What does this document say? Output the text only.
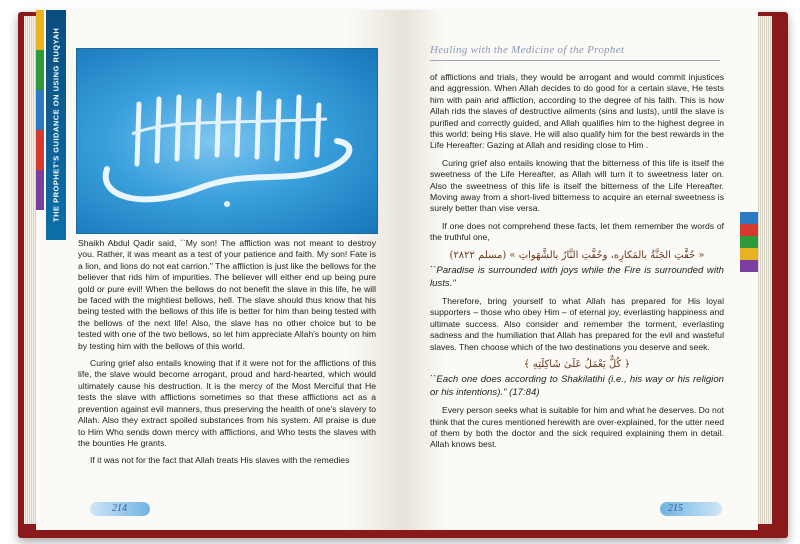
THE PROPHET'S GUIDANCE ON USING RUQYAH

Shaikh Abdul Qadir said, ``My son! The affliction was not meant to destroy you. Rather, it was meant as a test of your patience and faith. My son! Fate is a lion, and lions do not eat carrion." The affliction is just like the bellows for the believer that rids him of impurities. The believer will either end up being pure gold or pure evil! When the bellows do not benefit the slave in this life, he will be faced with the mightiest bellows, hell. The slave should thus know that his being tested with the bellows of this life is better for him than being tested with the bellows of the next life! Also, the slave has no other choice but to be tested with one of the two bellows, so let him appreciate Allah's bounty on him by testing him with the bellows of this world.

Curing grief also entails knowing that if it were not for the afflictions of this life, the slave would become arrogant, proud and hard-hearted, which would ultimately cause his destruction. It is the mercy of the Most Merciful that He tests the slave with afflictions sometimes so that these afflictions act as a prevention against evil manners, thus preserving the health of one's slavery to Allah. Also they extract spoiled substances from his system. All praise is due to Him Who sends down mercy with afflictions, and Who tests the slaves with the bounties He grants.

If it was not for the fact that Allah treats His slaves with the remedies

214
Healing with the Medicine of the Prophet

of afflictions and trials, they would be arrogant and would commit injustices and aggression. When Allah decides to do good for a certain slave, He tests him with pain and affliction, according to the degree of his faith. This is how Allah rids the slaves of destructive ailments (sins and lusts), until the slave is purified and correctly guided, and Allah qualifies him to the highest degree in this world: being His slave. He will also qualify him for the best rewards in the Life Hereafter: Gazing at Allah and residing close to Him .

Curing grief also entails knowing that the bitterness of this life is itself the sweetness of the Life Hereafter, as Allah will turn it to sweetness later on. Also the sweetness of this life is itself the bitterness of the Life Hereafter. Moving away from a short-lived bitterness to acquire an eternal sweetness is surely better than vise versa.

If one does not comprehend these facts, let them remember the words of the truthful one,

« حُفَّتِ الجَنَّةُ بالمَكارِه، وحُفَّتِ النَّارُ بالشَّهَواتِ » (مسلم ٢٨٢٢)
``Paradise is surrounded with joys while the Fire is surrounded with lusts."

Therefore, bring yourself to what Allah has prepared for His loyal supporters – those who obey Him – of eternal joy, everlasting happiness and ultimate success. Also consider and remember the torment, everlasting sadness and the humiliation that Allah has prepared for the evil and wasteful slaves. Then choose which of the two destinations you deserve and seek.

﴿ كُلٌّ يَعْمَلُ عَلَىٰ شَاكِلَتِهِ ﴾
``Each one does according to Shakilatihi (i.e., his way or his religion or his intentions)." (17:84)

Every person seeks what is suitable for him and what he deserves. Do not think that the cures mentioned herewith are over-explained, for the utter need of them by both the doctor and the sick required explaining them in detail. Allah knows best.

215
